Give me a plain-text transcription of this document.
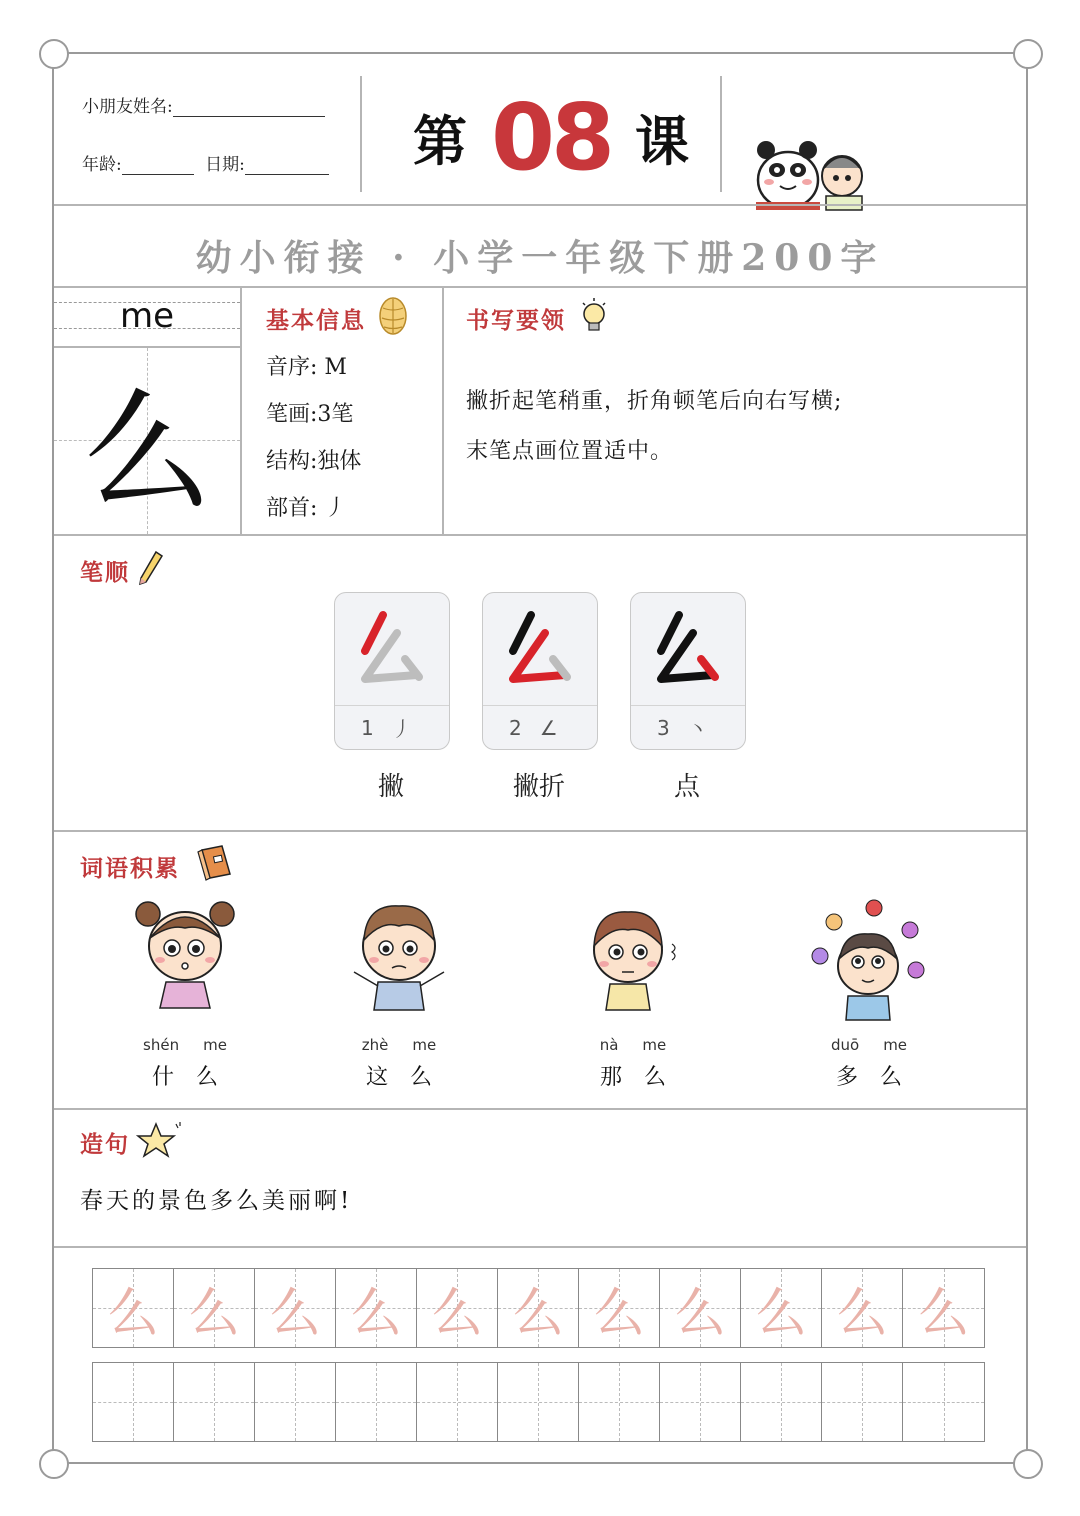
小朋友姓名:
年龄:	日期:	第 08 课
幼小衔接 · 小学一年级下册200字
me
么
基本信息
音序: M
笔画:3笔
结构:独体
部首: 丿
书写要领
撇折起笔稍重，折角顿笔后向右写横;
末笔点画位置适中。
笔顺
1 丿
撇
2 ∠
撇折
3 丶
点
词语积累
shén me
什 么
zhè me
这 么
nà me
那 么
duō me
多 么
造句
春天的景色多么美丽啊!
么 么 么 么 么 么 么 么 么 么 么
